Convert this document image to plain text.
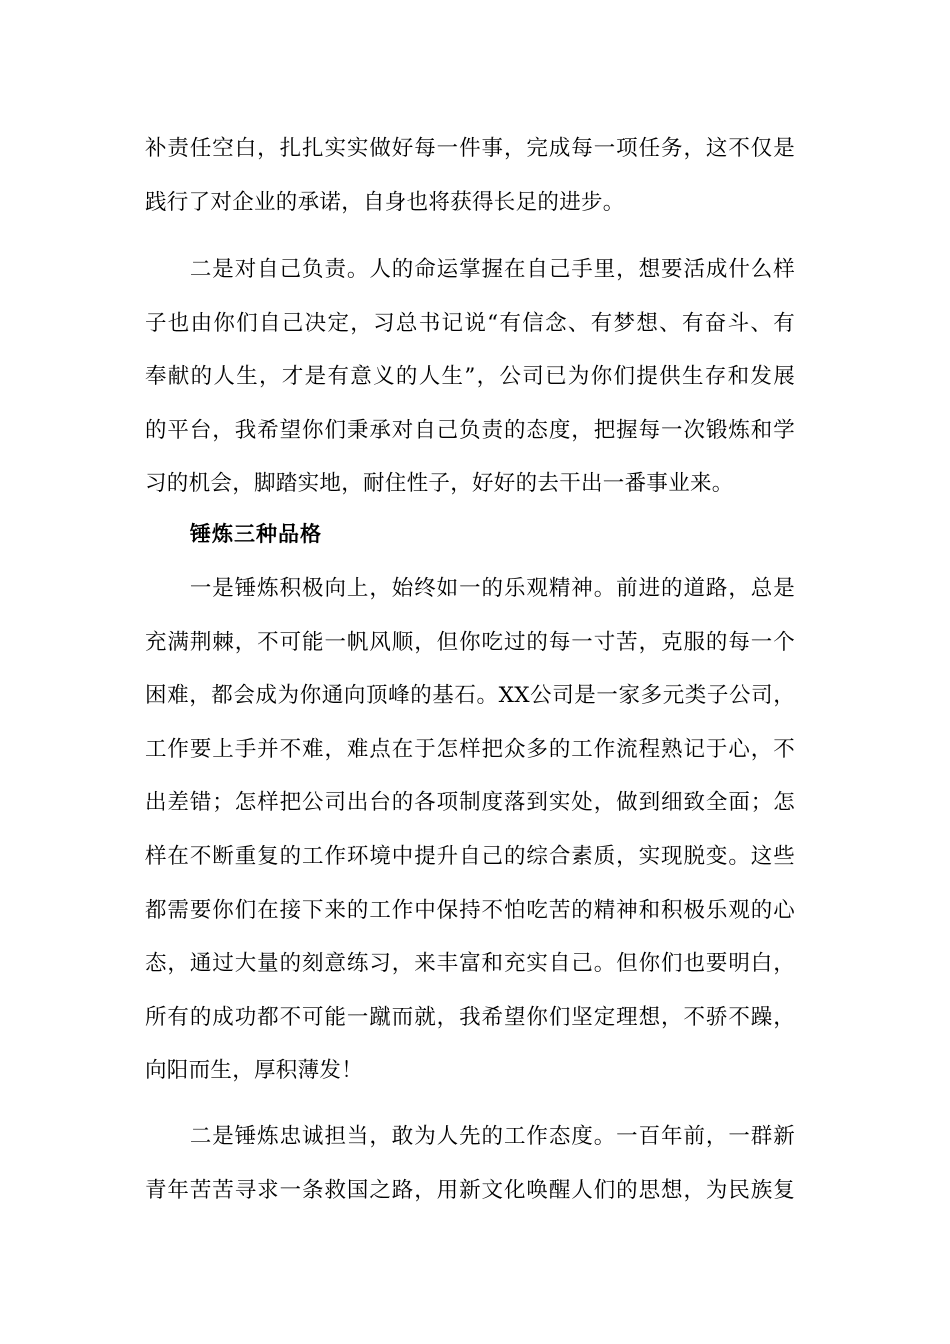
补责任空白，扎扎实实做好每一件事，完成每一项任务，这不仅是
践行了对企业的承诺，自身也将获得长足的进步。
　　二是对自己负责。人的命运掌握在自己手里，想要活成什么样
子也由你们自己决定，习总书记说“有信念、有梦想、有奋斗、有
奉献的人生，才是有意义的人生”，公司已为你们提供生存和发展
的平台，我希望你们秉承对自己负责的态度，把握每一次锻炼和学
习的机会，脚踏实地，耐住性子，好好的去干出一番事业来。
锤炼三种品格
　　一是锤炼积极向上，始终如一的乐观精神。前进的道路，总是
充满荆棘，不可能一帆风顺，但你吃过的每一寸苦，克服的每一个
困难，都会成为你通向顶峰的基石。XX公司是一家多元类子公司，
工作要上手并不难，难点在于怎样把众多的工作流程熟记于心，不
出差错；怎样把公司出台的各项制度落到实处，做到细致全面；怎
样在不断重复的工作环境中提升自己的综合素质，实现脱变。这些
都需要你们在接下来的工作中保持不怕吃苦的精神和积极乐观的心
态，通过大量的刻意练习，来丰富和充实自己。但你们也要明白，
所有的成功都不可能一蹴而就，我希望你们坚定理想，不骄不躁，
向阳而生，厚积薄发！
　　二是锤炼忠诚担当，敢为人先的工作态度。一百年前，一群新
青年苦苦寻求一条救国之路，用新文化唤醒人们的思想，为民族复
